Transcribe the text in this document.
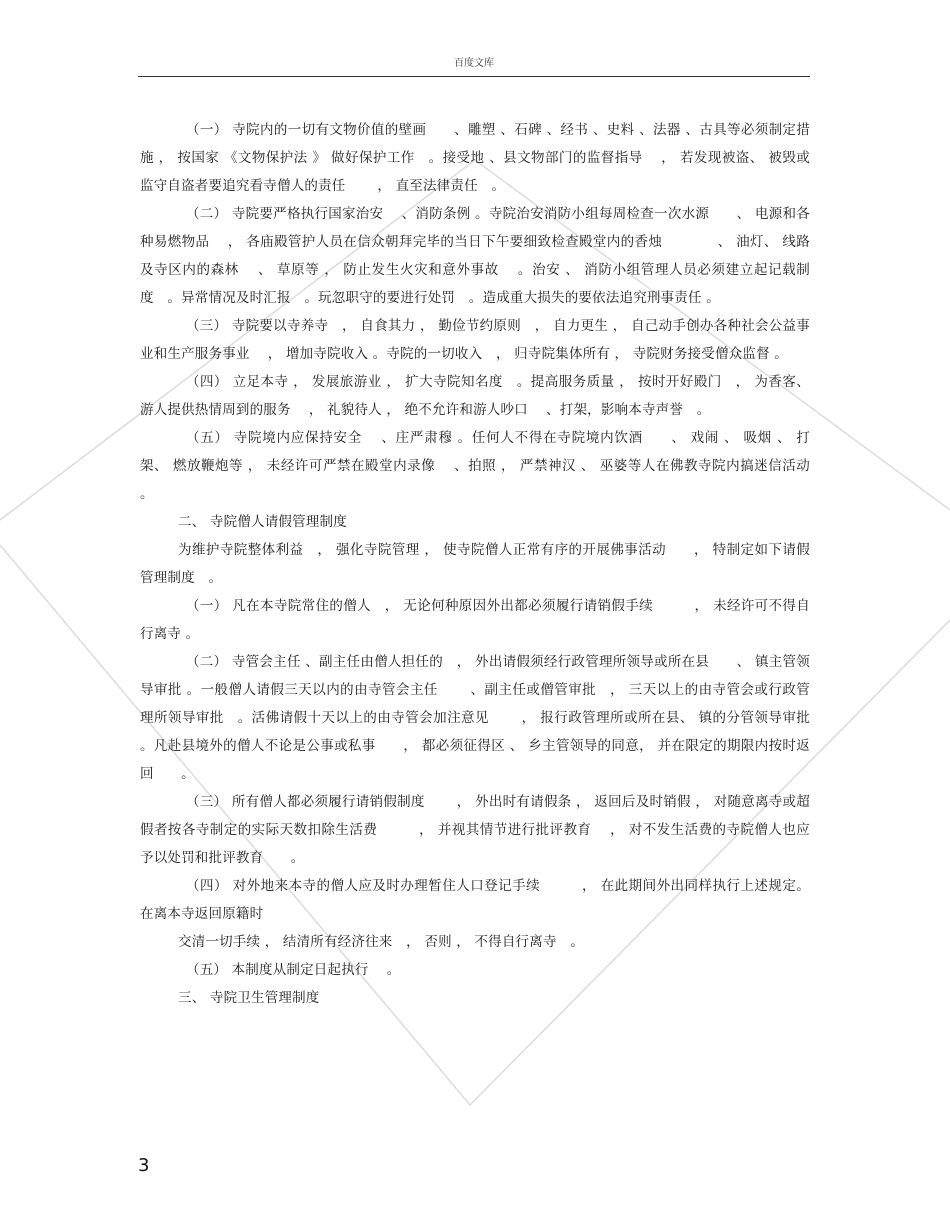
百度文库

（一） 寺院内的一切有文物价值的壁画　　、雕塑 、石碑 、经书 、史料 、法器 、古具等必须制定措施 ， 按国家 《文物保护法 》 做好保护工作　。接受地 、县文物部门的监督指导　 ， 若发现被盗、 被毁或监守自盗者要追究看寺僧人的责任　　 ， 直至法律责任　。

（二） 寺院要严格执行国家治安　 、消防条例 。寺院治安消防小组每周检查一次水源　　、 电源和各种易燃物品　 ， 各庙殿管护人员在信众朝拜完毕的当日下午要细致检查殿堂内的香烛　　　　、 油灯、 线路及寺区内的森林　 、 草原等 ， 防止发生火灾和意外事故　 。治安 、 消防小组管理人员必须建立起记载制度　。异常情况及时汇报　。玩忽职守的要进行处罚　。造成重大损失的要依法追究刑事责任 。

（三） 寺院要以寺养寺　， 自食其力 ， 勤俭节约原则　， 自力更生 ， 自己动手创办各种社会公益事业和生产服务事业　 ， 增加寺院收入 。寺院的一切收入　， 归寺院集体所有 ， 寺院财务接受僧众监督 。

（四） 立足本寺 ， 发展旅游业 ， 扩大寺院知名度　。提高服务质量 ， 按时开好殿门　， 为香客、 游人提供热情周到的服务　 ， 礼貌待人 ， 绝不允许和游人吵口　 、打架，影响本寺声誉　。

（五） 寺院境内应保持安全　 、庄严肃穆 。任何人不得在寺院境内饮酒　　、 戏闹 、 吸烟 、 打架、 燃放鞭炮等 ， 未经许可严禁在殿堂内录像　 、拍照 ， 严禁神汉 、 巫婆等人在佛教寺院内搞迷信活动 。

二、 寺院僧人请假管理制度

为维护寺院整体利益　， 强化寺院管理 ， 使寺院僧人正常有序的开展佛事活动　　， 特制定如下请假管理制度　。

（一） 凡在本寺院常住的僧人　， 无论何种原因外出都必须履行请销假手续　　　， 未经许可不得自行离寺 。

（二） 寺管会主任 、副主任由僧人担任的　， 外出请假须经行政管理所领导或所在县　　、 镇主管领导审批 。一般僧人请假三天以内的由寺管会主任　　 、副主任或僧管审批　， 三天以上的由寺管会或行政管理所领导审批　。活佛请假十天以上的由寺管会加注意见　　 ， 报行政管理所或所在县、 镇的分管领导审批 。凡赴县境外的僧人不论是公事或私事　　， 都必须征得区 、 乡主管领导的同意， 并在限定的期限内按时返回　　。

（三） 所有僧人都必须履行请销假制度　　 ， 外出时有请假条 ， 返回后及时销假 ， 对随意离寺或超假者按各寺制定的实际天数扣除生活费　　　， 并视其情节进行批评教育　 ， 对不发生活费的寺院僧人也应予以处罚和批评教育　　。

（四） 对外地来本寺的僧人应及时办理暂住人口登记手续　　　， 在此期间外出同样执行上述规定。 在离本寺返回原籍时

交清一切手续 ， 结清所有经济往来　， 否则 ， 不得自行离寺　。

（五） 本制度从制定日起执行　 。

三、 寺院卫生管理制度

3
